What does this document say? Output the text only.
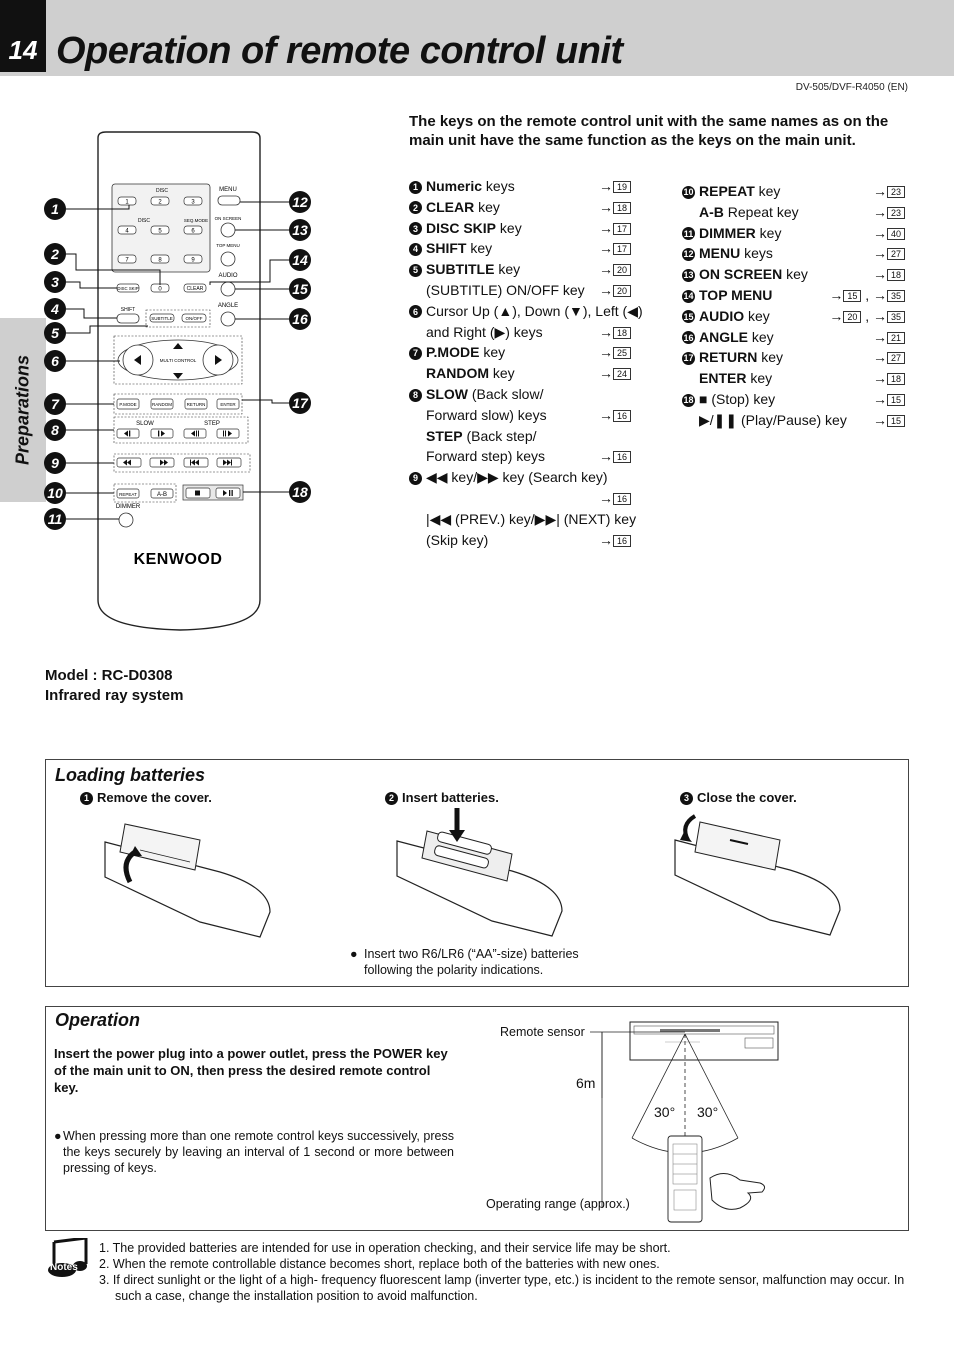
14 Operation of remote control unit
DV-505/DVF-R4050 (EN)
Preparations
DISC
DISC	SEQ.MODE
1	2	3
4	5	6
7	8	9
0
MENU
ON SCREEN
TOP MENU
AUDIO
ANGLE
DISC SKIP	CLEAR
SHIFT
SUBTITLE	ON/OFF
MULTI CONTROL
P.MODE	RANDOM	RETURN	ENTER
SLOW	STEP
REPEAT	A-B
DIMMER
KENWOOD
1
2
3
4
5
6
7
8
9
10
11
12
13
14
15
16
17
18
Model : RC-D0308
Infrared ray system
The keys on the remote control unit with the same names as on the main unit have the same function as the keys on the main unit.
1 Numeric keys	→ 19
2 CLEAR key	→ 18
3 DISC SKIP key	→ 17
4 SHIFT key	→ 17
5 SUBTITLE key	→ 20
(SUBTITLE) ON/OFF key → 20
6 Cursor Up (▲), Down (▼), Left (◀)
and Right (▶) keys	→ 18
7 P.MODE key	→ 25
RANDOM key	→ 24
8 SLOW (Back slow/
Forward slow) keys	→ 16
STEP (Back step/
Forward step) keys	→ 16
9 ◀◀ key/▶▶ key (Search key)
→ 16
|◀◀ (PREV.) key/▶▶| (NEXT) key
(Skip key)	→ 16
10 REPEAT key	→ 23
A-B Repeat key	→ 23
11 DIMMER key	→ 40
12 MENU keys	→ 27
13 ON SCREEN key	→ 18
14 TOP MENU	→ 15 , → 35
15 AUDIO key	→ 20 , → 35
16 ANGLE key	→ 21
17 RETURN key	→ 27
ENTER key	→ 18
18 ■ (Stop) key	→ 15
▶/❚❚ (Play/Pause) key → 15
Loading batteries
1 Remove the cover.	2 Insert batteries.	3 Close the cover.
● Insert two R6/LR6 (“AA”-size) batteries following the polarity indications.
Operation
Insert the power plug into a power outlet, press the POWER key of the main unit to ON, then press the desired remote control key.
● When pressing more than one remote control keys successively, press the keys securely by leaving an interval of 1 second or more between pressing of keys.
Remote sensor
6m
30° 30°
Operating range (approx.)
Notes
1. The provided batteries are intended for use in operation checking, and their service life may be short.
2. When the remote controllable distance becomes short, replace both of the batteries with new ones.
3. If direct sunlight or the light of a high- frequency fluorescent lamp (inverter type, etc.) is incident to the remote sensor, malfunction may occur. In such a case, change the installation position to avoid malfunction.
